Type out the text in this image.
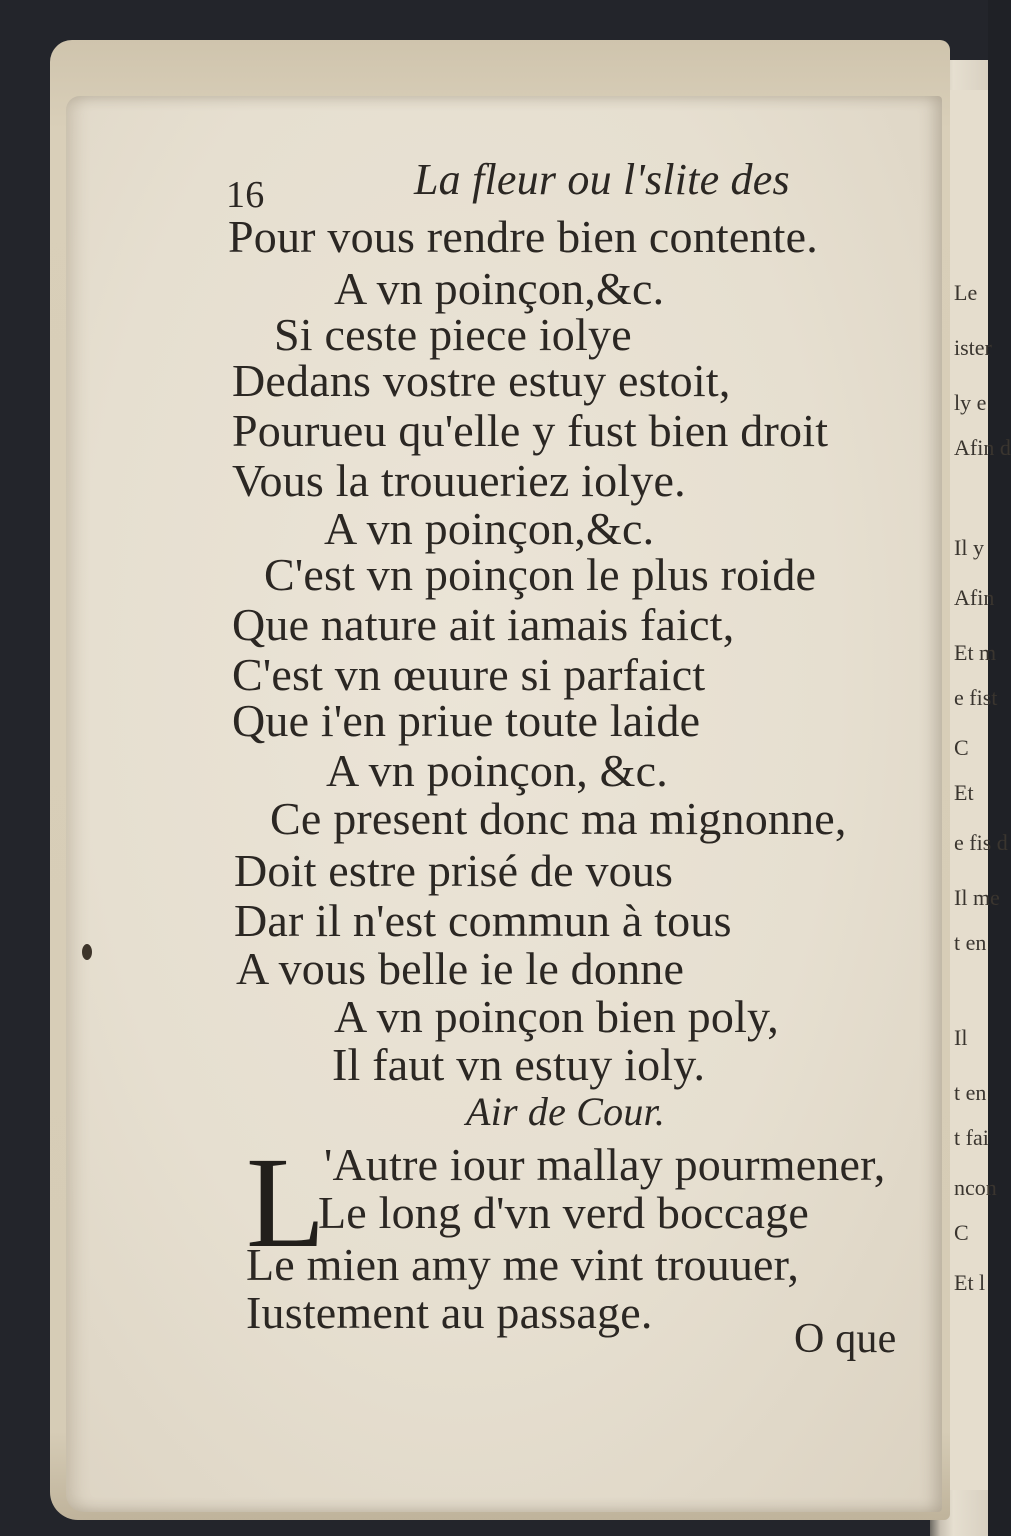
Le
ister
ly e
Afin d
Il y
Afin
Et m
e fist
C
Et
e fis d
Il me
t en
Il
t en
t fai
ncon
C
Et l
16	La fleur ou l'slite des
Pour vous rendre bien contente.
A vn poinçon,&c.
Si ceste piece iolye
Dedans vostre estuy estoit,
Pourueu qu'elle y fust bien droit
Vous la trouueriez iolye.
A vn poinçon,&c.
C'est vn poinçon le plus roide
Que nature ait iamais faict,
C'est vn œuure si parfaict
Que i'en priue toute laide
A vn poinçon, &c.
Ce present donc ma mignonne,
Doit estre prisé de vous
Dar il n'est commun à tous
A vous belle ie le donne
A vn poinçon bien poly,
Il faut vn estuy ioly.
Air de Cour.
L
'Autre iour mallay pourmener,
Le long d'vn verd boccage
Le mien amy me vint trouuer,
Iustement au passage.
O que
